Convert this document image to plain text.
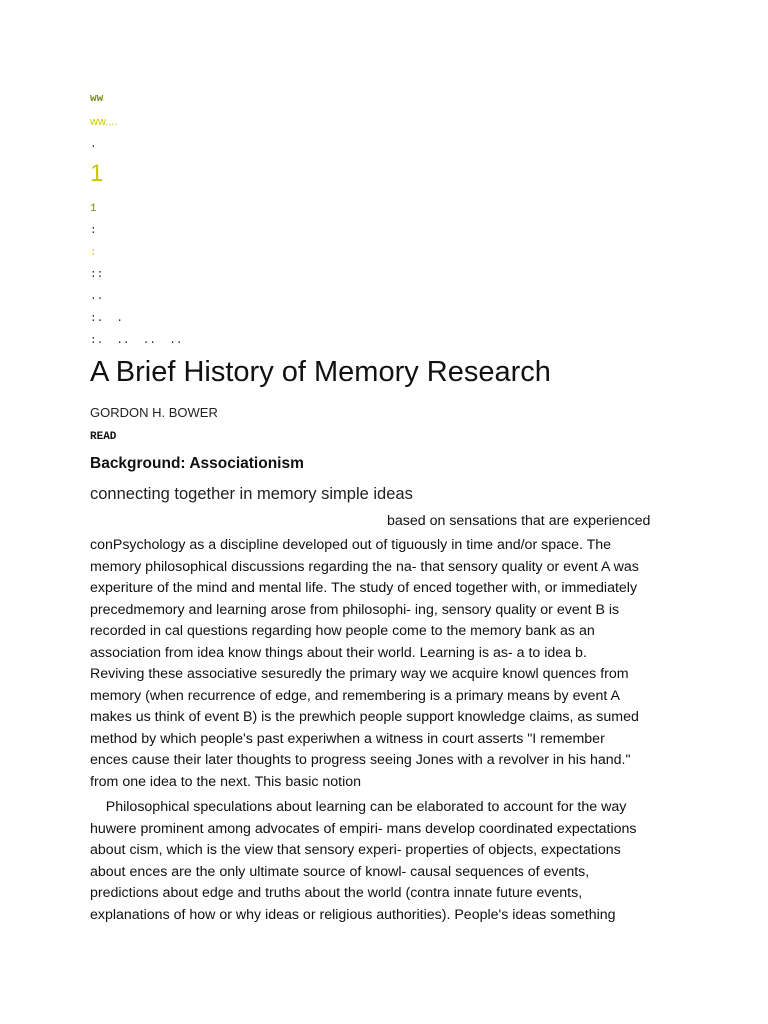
ww
ww....
.
1
1
:
:
::
..
:.  .
:.  ..  ..  ..
A Brief History of Memory Research
GORDON H. BOWER
READ
Background: Associationism
connecting together in memory simple ideas
based on sensations that are experienced
conPsychology as a discipline developed out of tiguously in time and/or space. The
memory philosophical discussions regarding the na- that sensory quality or event A was
experiture of the mind and mental life. The study of enced together with, or immediately
precedmemory and learning arose from philosophi- ing, sensory quality or event B is
recorded in cal questions regarding how people come to the memory bank as an
association from idea know things about their world. Learning is as- a to idea b.
Reviving these associative sesuredly the primary way we acquire knowl quences from
memory (when recurrence of edge, and remembering is a primary means by event A
makes us think of event B) is the prewhich people support knowledge claims, as sumed
method by which people's past experiwhen a witness in court asserts "I remember
ences cause their later thoughts to progress seeing Jones with a revolver in his hand."
from one idea to the next. This basic notion
Philosophical speculations about learning can be elaborated to account for the way
huwere prominent among advocates of empiri- mans develop coordinated expectations
about cism, which is the view that sensory experi- properties of objects, expectations
about ences are the only ultimate source of knowl- causal sequences of events,
predictions about edge and truths about the world (contra innate future events,
explanations of how or why ideas or religious authorities). People's ideas something
